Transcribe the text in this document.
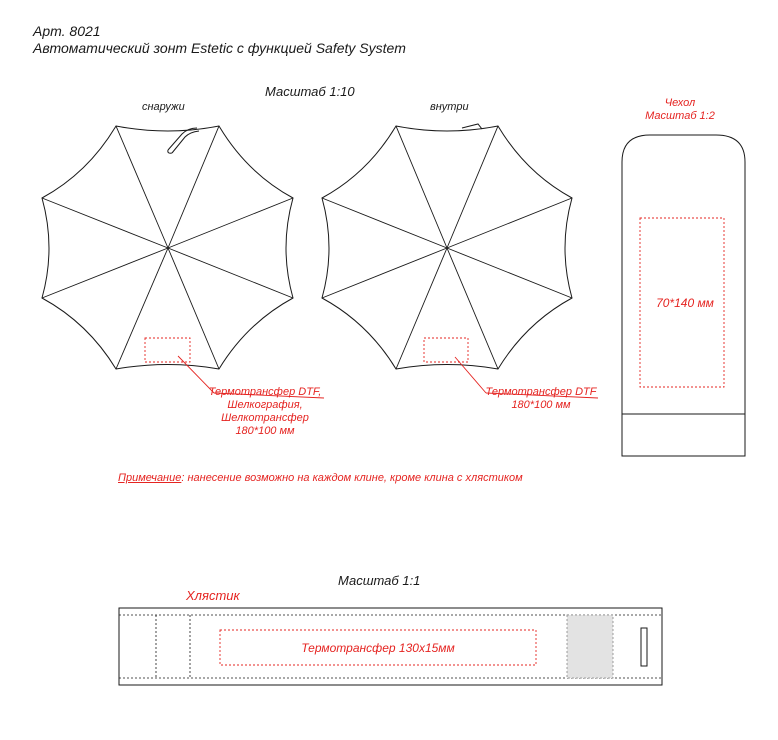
Арт. 8021
Автоматический зонт Estetic с функцией Safety System
Масштаб 1:10
снаружи	внутри	Чехол
Масштаб 1:2
Термотрансфер DTF,
Шелкография,
Шелкотрансфер
180*100 мм
Термотрансфер DTF
180*100 мм
70*140 мм
Примечание: нанесение возможно на каждом клине, кроме клина с хлястиком
Масштаб 1:1
Хлястик
Термотрансфер 130x15мм
